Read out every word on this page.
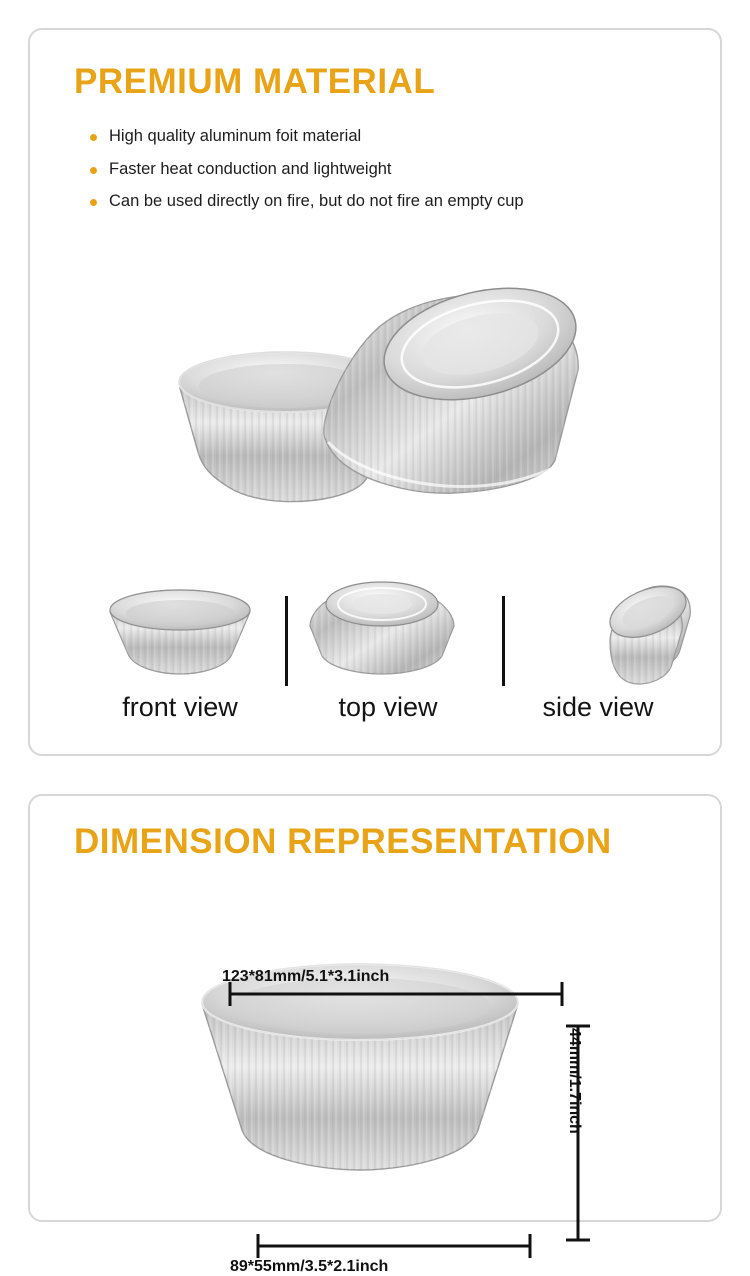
PREMIUM MATERIAL
High quality aluminum foit material
Faster heat conduction and lightweight
Can be used directly on fire, but do not fire an empty cup
front view	top view	side view
DIMENSION REPRESENTATION
123*81mm/5.1*3.1inch
89*55mm/3.5*2.1inch
44mm/1.7inch
